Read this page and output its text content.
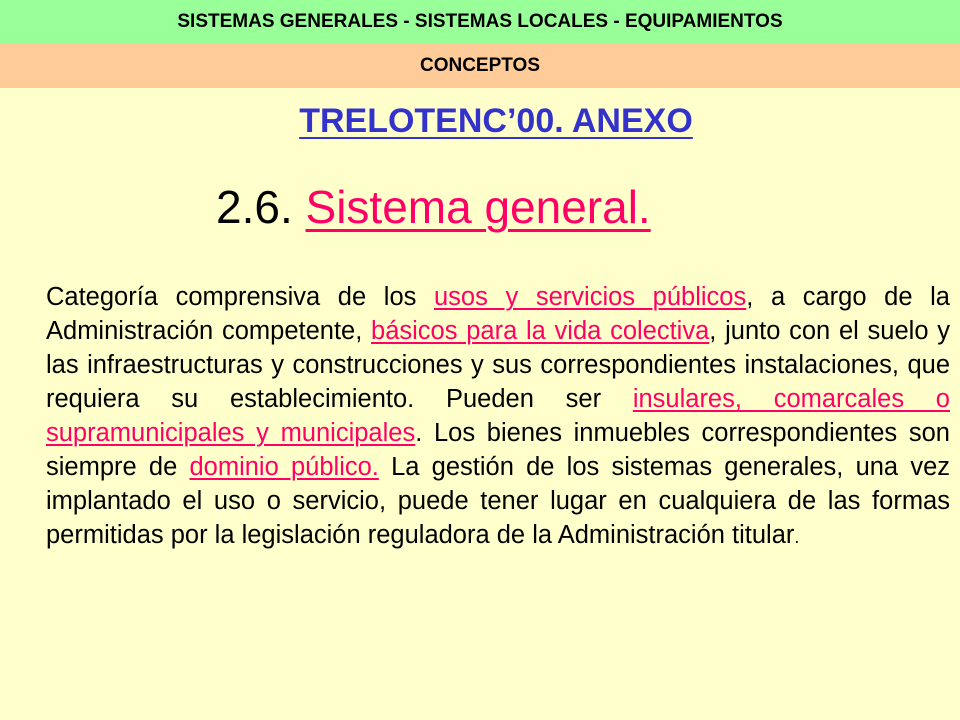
SISTEMAS GENERALES - SISTEMAS LOCALES - EQUIPAMIENTOS
CONCEPTOS
TRELOTENC’00. ANEXO
2.6. Sistema general.
Categoría comprensiva de los usos y servicios públicos, a cargo de la Administración competente, básicos para la vida colectiva, junto con el suelo y las infraestructuras y construcciones y sus correspondientes instalaciones, que requiera su establecimiento. Pueden ser insulares, comarcales o supramunicipales y municipales. Los bienes inmuebles correspondientes son siempre de dominio público. La gestión de los sistemas generales, una vez implantado el uso o servicio, puede tener lugar en cualquiera de las formas permitidas por la legislación reguladora de la Administración titular.
